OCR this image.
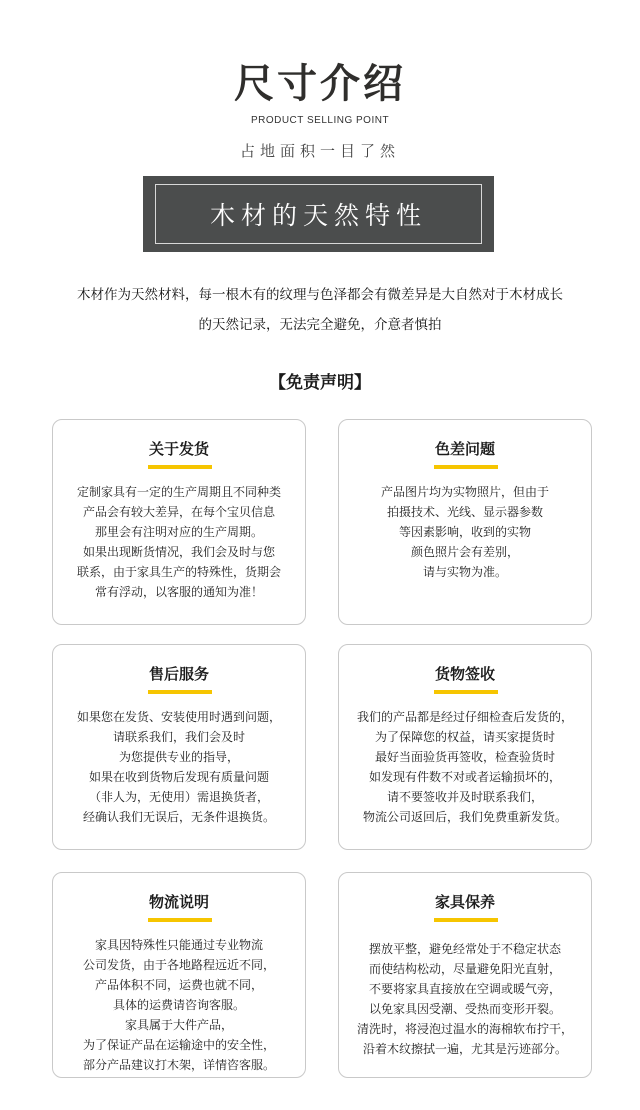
尺寸介绍
PRODUCT SELLING POINT
占地面积一目了然
木材的天然特性
木材作为天然材料，每一根木有的纹理与色泽都会有微差异是大自然对于木材成长
的天然记录，无法完全避免，介意者慎拍
【免责声明】
关于发货
定制家具有一定的生产周期且不同种类
产品会有较大差异，在每个宝贝信息
那里会有注明对应的生产周期。
如果出现断货情况，我们会及时与您
联系，由于家具生产的特殊性，货期会
常有浮动，以客服的通知为准！
色差问题
产品图片均为实物照片，但由于
拍摄技术、光线、显示器参数
等因素影响，收到的实物
颜色照片会有差别，
请与实物为准。
售后服务
如果您在发货、安装使用时遇到问题，
请联系我们，我们会及时
为您提供专业的指导，
如果在收到货物后发现有质量问题
（非人为，无使用）需退换货者，
经确认我们无误后，无条件退换货。
货物签收
我们的产品都是经过仔细检查后发货的，
为了保障您的权益，请买家提货时
最好当面验货再签收，检查验货时
如发现有件数不对或者运输损坏的，
请不要签收并及时联系我们，
物流公司返回后，我们免费重新发货。
物流说明
家具因特殊性只能通过专业物流
公司发货，由于各地路程远近不同，
产品体积不同，运费也就不同，
具体的运费请咨询客服。
家具属于大件产品，
为了保证产品在运输途中的安全性，
部分产品建议打木架，详情咨客服。
家具保养
摆放平整，避免经常处于不稳定状态
而使结构松动，尽量避免阳光直射，
不要将家具直接放在空调或暖气旁，
以免家具因受潮、受热而变形开裂。
清洗时，将浸泡过温水的海棉软布拧干，
沿着木纹擦拭一遍，尤其是污迹部分。
